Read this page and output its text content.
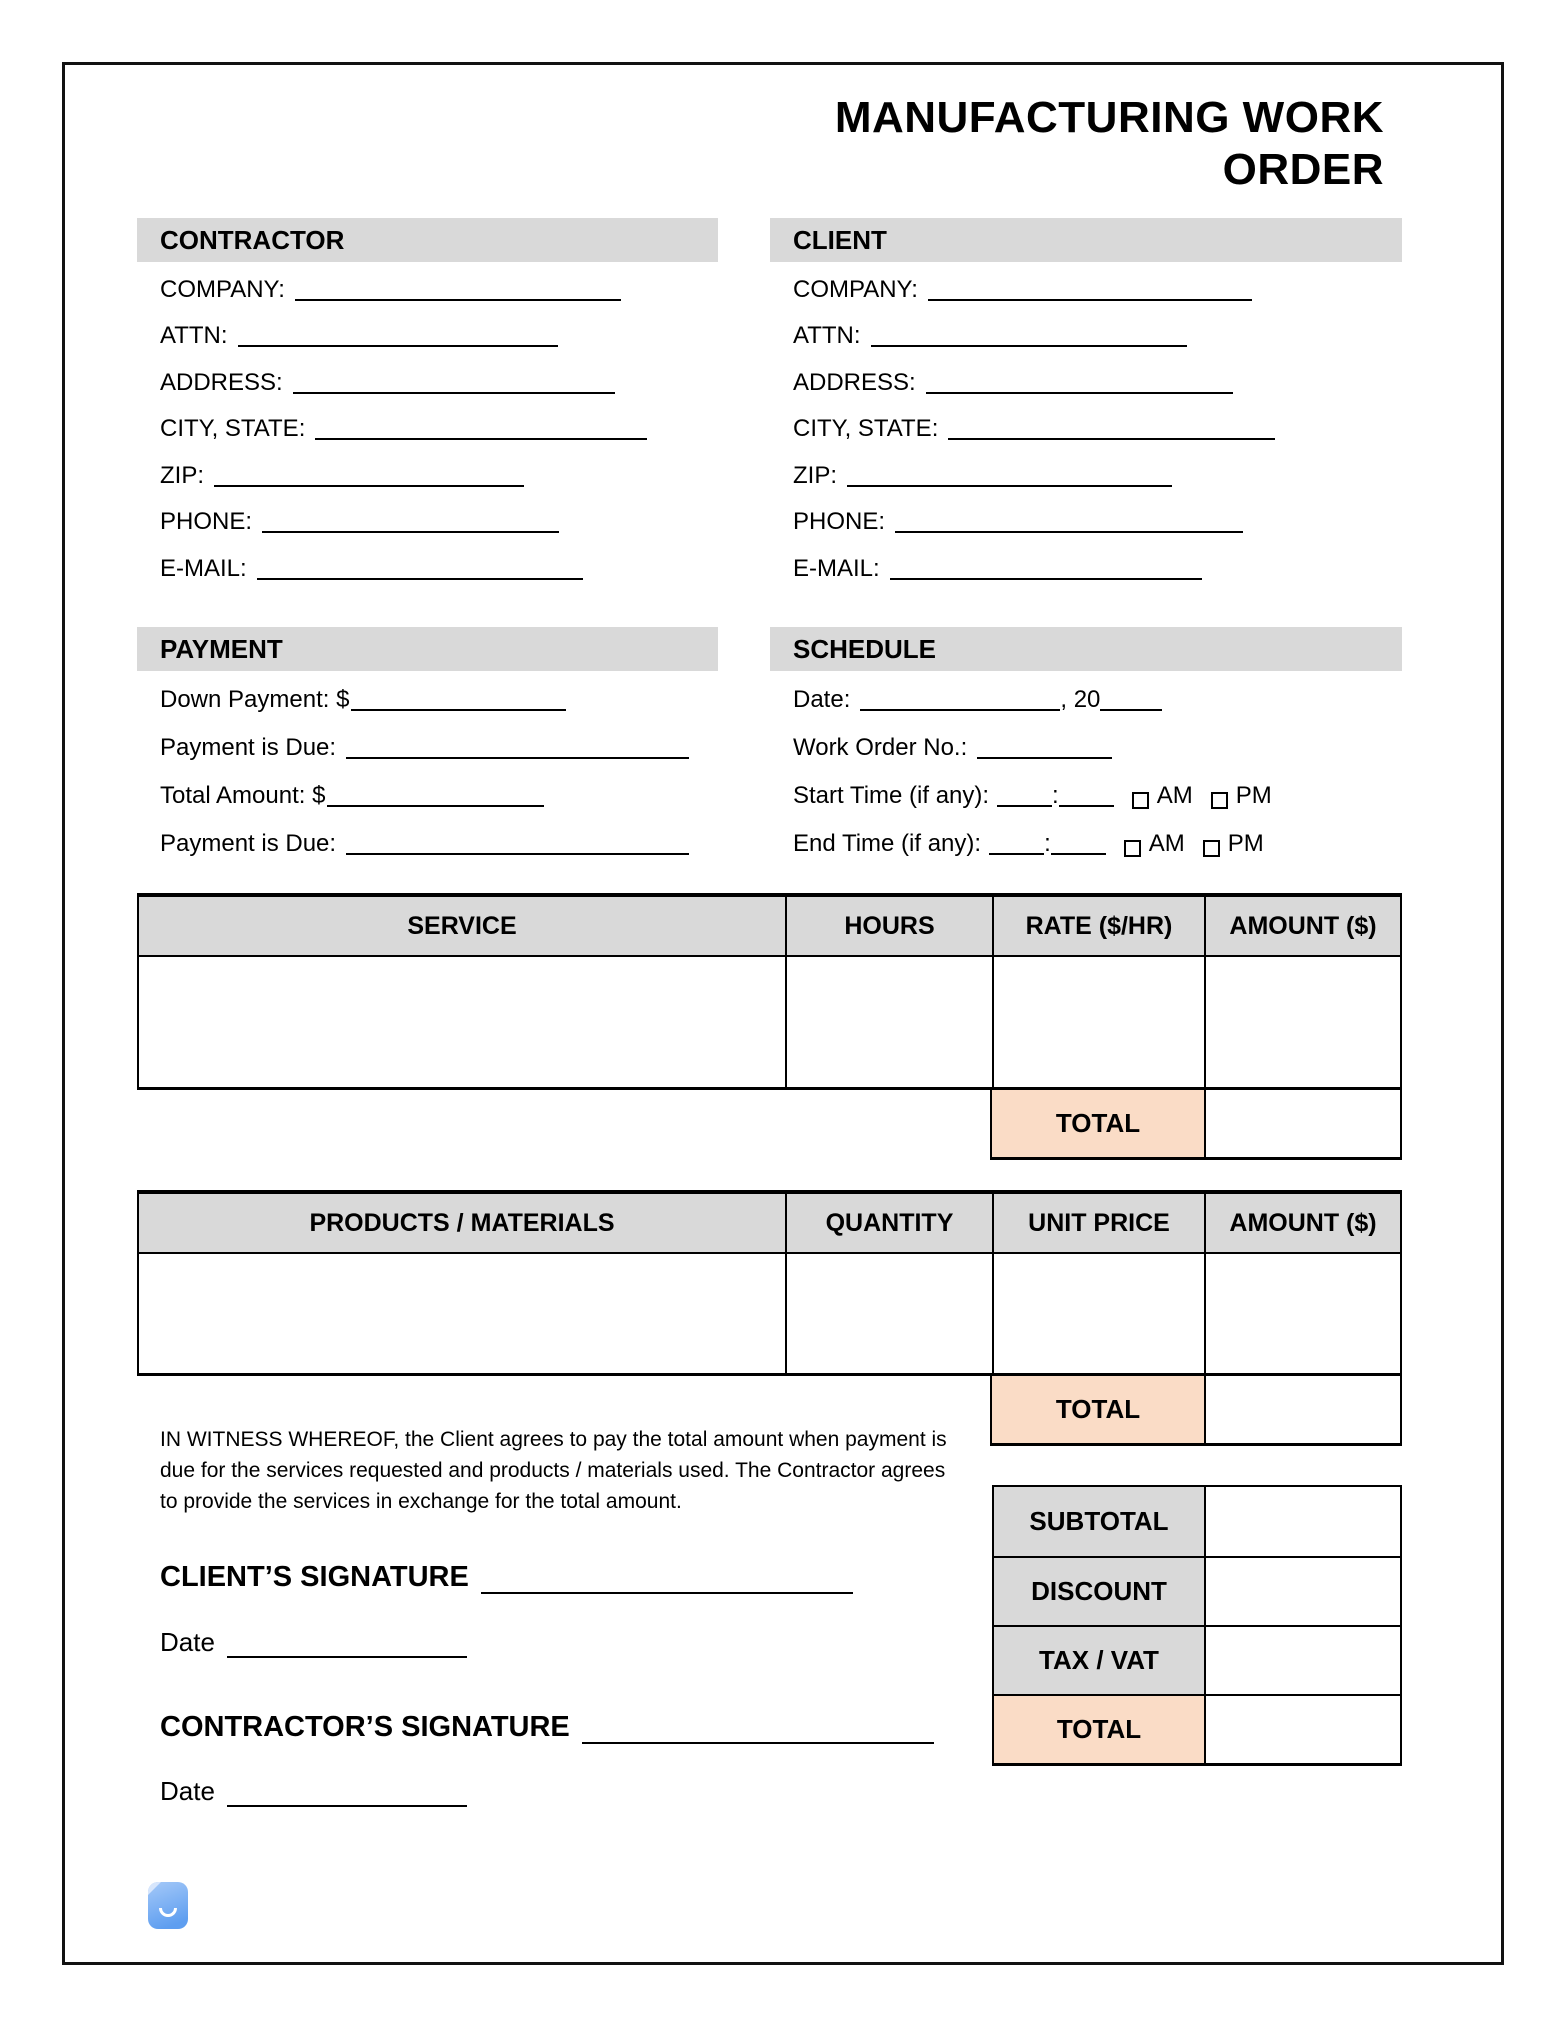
MANUFACTURING WORK ORDER
CONTRACTOR
COMPANY:
ATTN:
ADDRESS:
CITY, STATE:
ZIP:
PHONE:
E-MAIL:
PAYMENT
Down Payment: $
Payment is Due:
Total Amount: $
Payment is Due:
CLIENT
COMPANY:
ATTN:
ADDRESS:
CITY, STATE:
ZIP:
PHONE:
E-MAIL:
SCHEDULE
Date:	, 20
Work Order No.:
Start Time (if any):	:	AM PM
End Time (if any):	:	AM PM
SERVICE	HOURS	RATE ($/HR)	AMOUNT ($)
TOTAL
PRODUCTS / MATERIALS	QUANTITY	UNIT PRICE	AMOUNT ($)
TOTAL
IN WITNESS WHEREOF, the Client agrees to pay the total amount when payment is due for the services requested and products / materials used. The Contractor agrees to provide the services in exchange for the total amount.
SUBTOTAL
DISCOUNT
TAX / VAT
TOTAL
CLIENT’S SIGNATURE
Date
CONTRACTOR’S SIGNATURE
Date
